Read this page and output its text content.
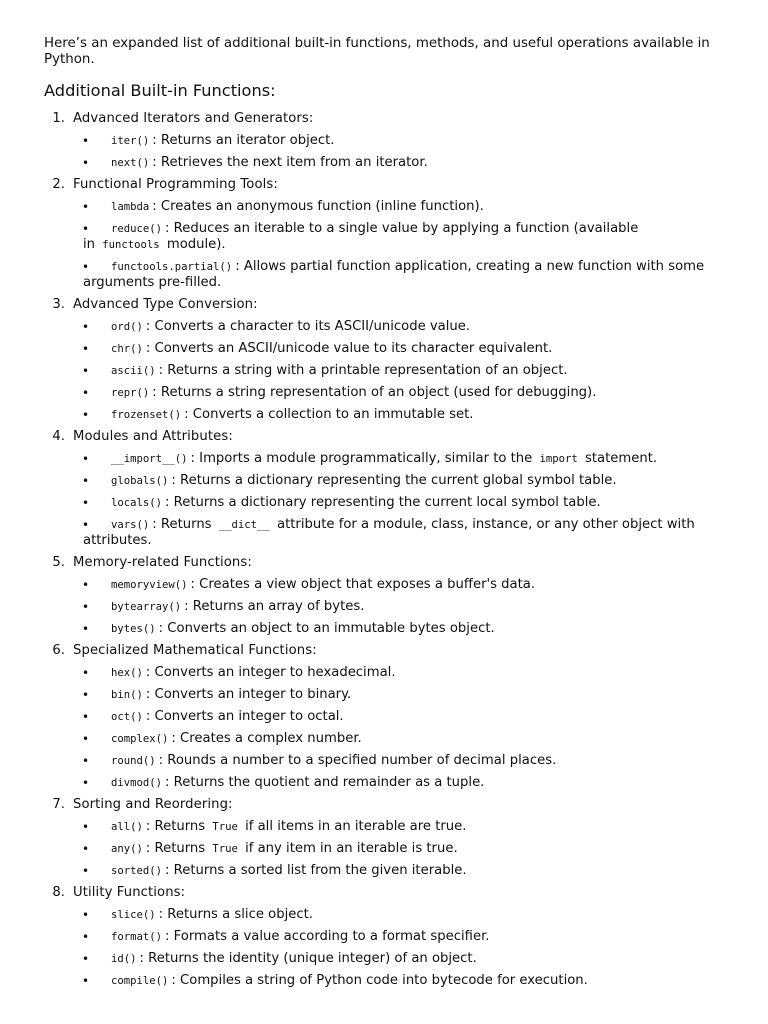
Here’s an expanded list of additional built-in functions, methods, and useful operations available in Python.

Additional Built-in Functions:
1. Advanced Iterators and Generators:
• iter() : Returns an iterator object.
• next() : Retrieves the next item from an iterator.
2. Functional Programming Tools:
• lambda : Creates an anonymous function (inline function).
• reduce() : Reduces an iterable to a single value by applying a function (available
in functools module).
• functools.partial() : Allows partial function application, creating a new function with some
arguments pre-filled.
3. Advanced Type Conversion:
• ord() : Converts a character to its ASCII/unicode value.
• chr() : Converts an ASCII/unicode value to its character equivalent.
• ascii() : Returns a string with a printable representation of an object.
• repr() : Returns a string representation of an object (used for debugging).
• frozenset() : Converts a collection to an immutable set.
4. Modules and Attributes:
• __import__() : Imports a module programmatically, similar to the import statement.
• globals() : Returns a dictionary representing the current global symbol table.
• locals() : Returns a dictionary representing the current local symbol table.
• vars() : Returns __dict__ attribute for a module, class, instance, or any other object with
attributes.
5. Memory-related Functions:
• memoryview() : Creates a view object that exposes a buffer's data.
• bytearray() : Returns an array of bytes.
• bytes() : Converts an object to an immutable bytes object.
6. Specialized Mathematical Functions:
• hex() : Converts an integer to hexadecimal.
• bin() : Converts an integer to binary.
• oct() : Converts an integer to octal.
• complex() : Creates a complex number.
• round() : Rounds a number to a specified number of decimal places.
• divmod() : Returns the quotient and remainder as a tuple.
7. Sorting and Reordering:
• all() : Returns True if all items in an iterable are true.
• any() : Returns True if any item in an iterable is true.
• sorted() : Returns a sorted list from the given iterable.
8. Utility Functions:
• slice() : Returns a slice object.
• format() : Formats a value according to a format specifier.
• id() : Returns the identity (unique integer) of an object.
• compile() : Compiles a string of Python code into bytecode for execution.
